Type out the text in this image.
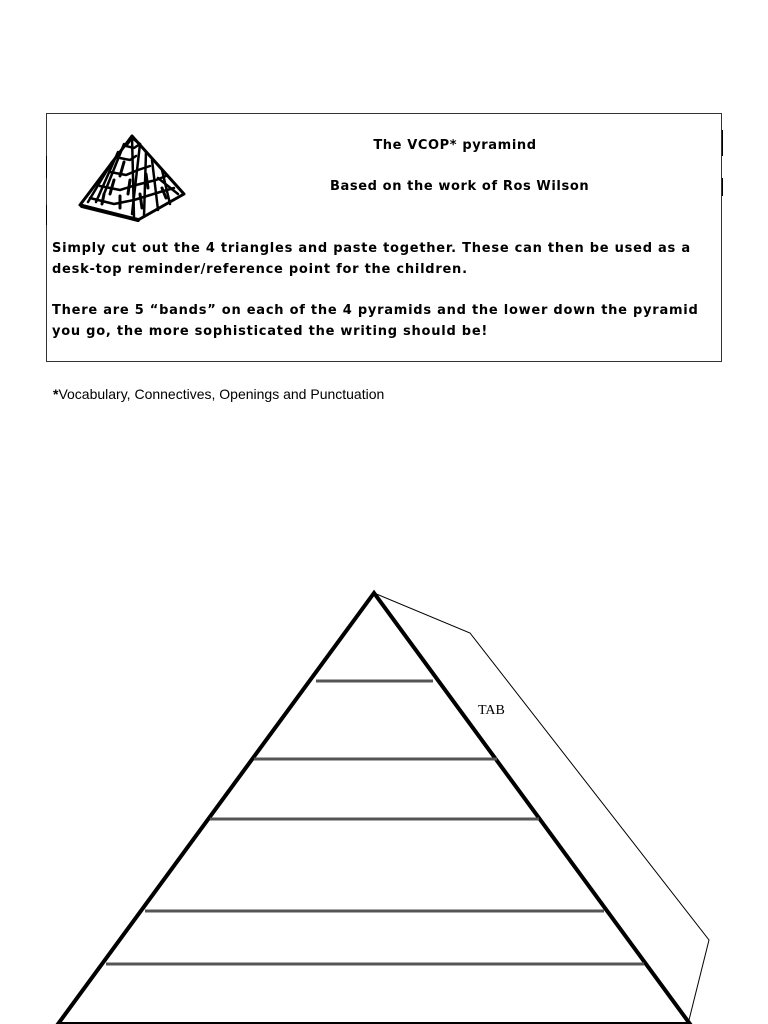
The VCOP* pyramind
Based on the work of Ros Wilson

Simply cut out the 4 triangles and paste together. These can then be used as a desk-top reminder/reference point for the children.

There are 5 “bands” on each of the 4 pyramids and the lower down the pyramid you go, the more sophisticated the writing should be!

*Vocabulary, Connectives, Openings and Punctuation
TAB
